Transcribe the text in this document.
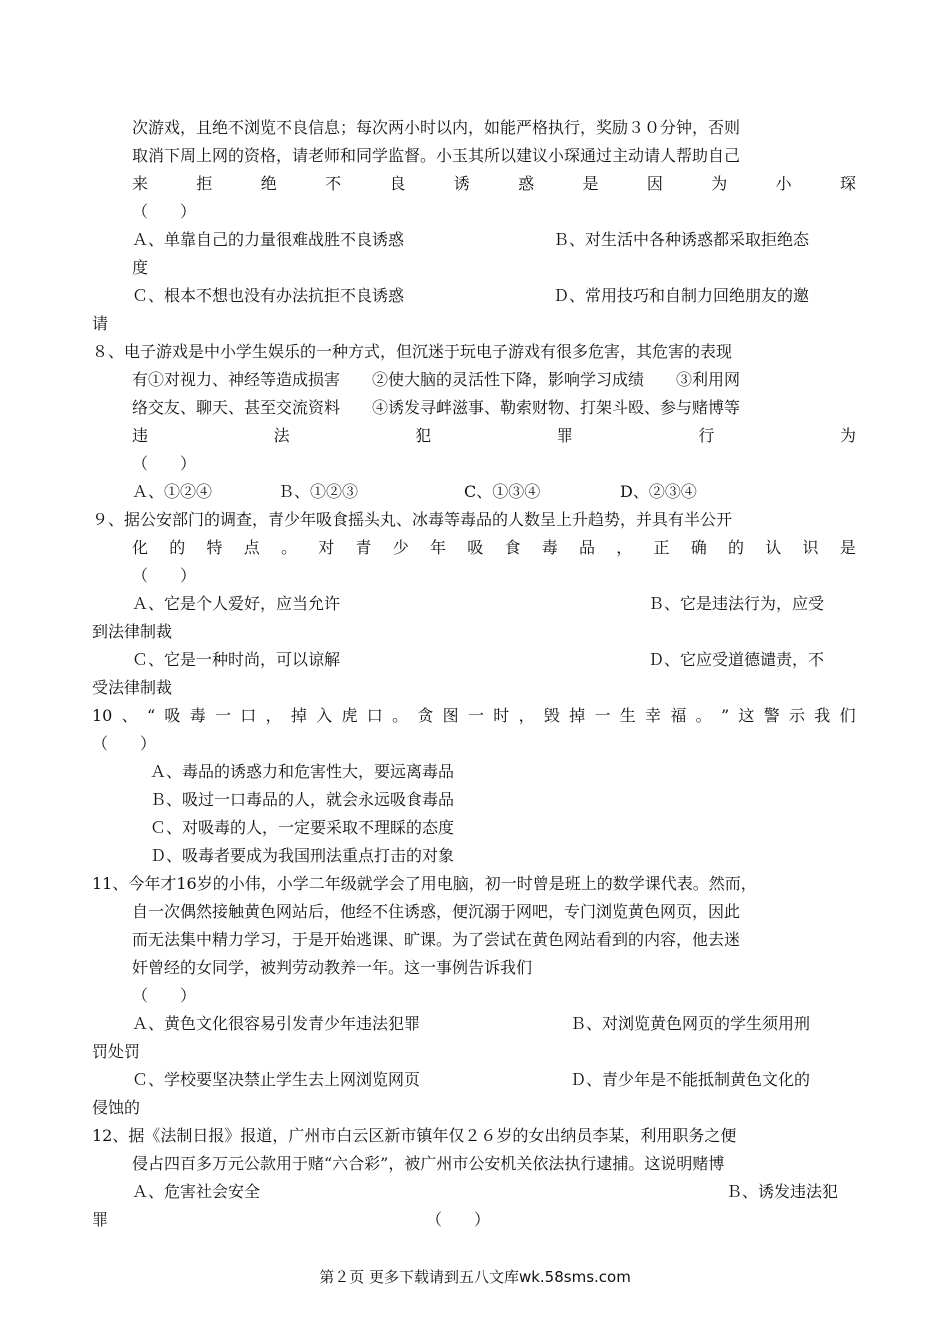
次游戏，且绝不浏览不良信息；每次两小时以内，如能严格执行，奖励３０分钟，否则
取消下周上网的资格，请老师和同学监督。小玉其所以建议小琛通过主动请人帮助自己
来	拒	绝	不	良	诱	惑	是	因	为	小	琛
（　　）
Ａ、单靠自己的力量很难战胜不良诱惑	Ｂ、对生活中各种诱惑都采取拒绝态
度
Ｃ、根本不想也没有办法抗拒不良诱惑	Ｄ、常用技巧和自制力回绝朋友的邀
请
８、电子游戏是中小学生娱乐的一种方式，但沉迷于玩电子游戏有很多危害，其危害的表现
有①对视力、神经等造成损害　　②使大脑的灵活性下降，影响学习成绩　　③利用网
络交友、聊天、甚至交流资料　　④诱发寻衅滋事、勒索财物、打架斗殴、参与赌博等
违	法	犯	罪	行	为
（　　）
Ａ、①②④	Ｂ、①②③	C、①③④	D、②③④
９、据公安部门的调查，青少年吸食摇头丸、冰毒等毒品的人数呈上升趋势，并具有半公开
化 的 特 点 。 对 青 少 年 吸 食 毒 品 ， 正 确 的 认 识 是
（　　）
Ａ、它是个人爱好，应当允许	Ｂ、它是违法行为，应受
到法律制裁
Ｃ、它是一种时尚，可以谅解	Ｄ、它应受道德谴责，不
受法律制裁
10 、 “ 吸 毒 一 口 ， 掉 入 虎 口 。 贪 图 一 时 ， 毁 掉 一 生 幸 福 。 ” 这 警 示 我 们
（　　）
Ａ、毒品的诱惑力和危害性大，要远离毒品
Ｂ、吸过一口毒品的人，就会永远吸食毒品
Ｃ、对吸毒的人，一定要采取不理睬的态度
Ｄ、吸毒者要成为我国刑法重点打击的对象
11、今年才16岁的小伟，小学二年级就学会了用电脑，初一时曾是班上的数学课代表。然而，
自一次偶然接触黄色网站后，他经不住诱惑，便沉溺于网吧，专门浏览黄色网页，因此
而无法集中精力学习，于是开始逃课、旷课。为了尝试在黄色网站看到的内容，他去迷
奸曾经的女同学，被判劳动教养一年。这一事例告诉我们
（　　）
Ａ、黄色文化很容易引发青少年违法犯罪	Ｂ、对浏览黄色网页的学生须用刑
罚处罚
Ｃ、学校要坚决禁止学生去上网浏览网页	Ｄ、青少年是不能抵制黄色文化的
侵蚀的
12、据《法制日报》报道，广州市白云区新市镇年仅２６岁的女出纳员李某，利用职务之便
侵占四百多万元公款用于赌“六合彩”，被广州市公安机关依法执行逮捕。这说明赌博
Ａ、危害社会安全	Ｂ、诱发违法犯
罪	（　　）
第２页 更多下载请到五八文库wk.58sms.com
